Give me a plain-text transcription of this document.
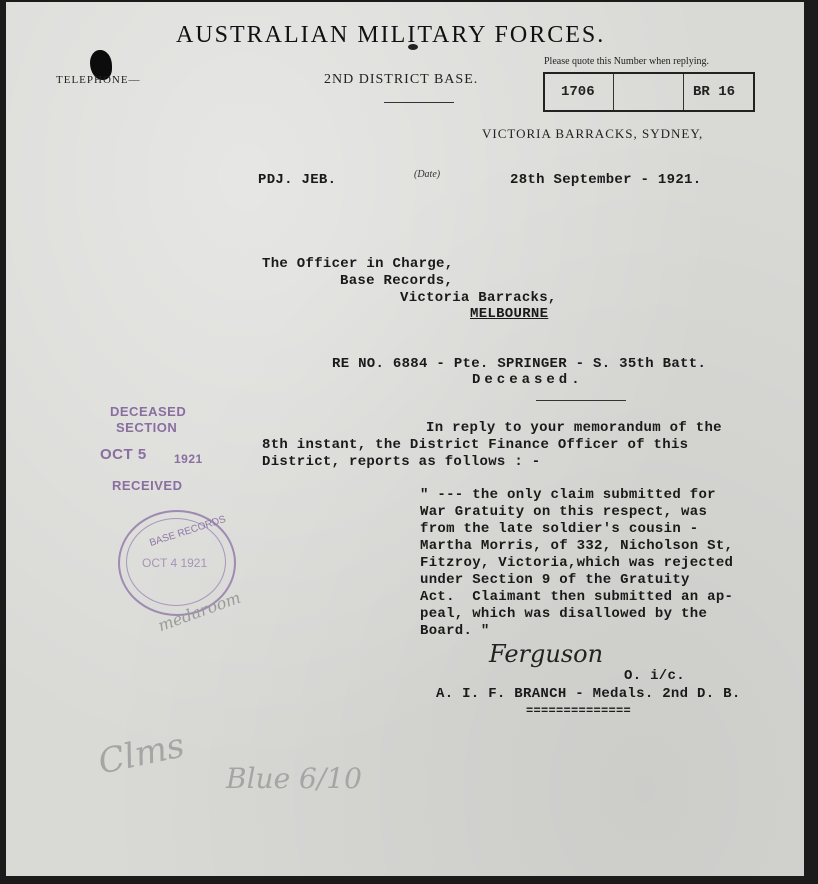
AUSTRALIAN MILITARY FORCES.
TELEPHONE—	2ND DISTRICT BASE.
Please quote this Number when replying.
1706	BR 16
VICTORIA BARRACKS, SYDNEY,
PDJ. JEB.	(Date)	28th September - 1921.
The Officer in Charge,
Base Records,
Victoria Barracks,
MELBOURNE
RE NO. 6884 - Pte. SPRINGER - S. 35th Batt.
Deceased.
In reply to your memorandum of the
8th instant, the District Finance Officer of this
District, reports as follows : -
" --- the only claim submitted for
War Gratuity on this respect, was
from the late soldier's cousin -
Martha Morris, of 332, Nicholson St,
Fitzroy, Victoria,which was rejected
under Section 9 of the Gratuity
Act.  Claimant then submitted an ap-
peal, which was disallowed by the
Board. "
Ferguson
O. i/c.
A. I. F. BRANCH - Medals. 2nd D. B.
==============
DECEASED
SECTION
OCT 5 1921
RECEIVED
BASE RECORDS
OCT 4 1921
medaroom
Clms Blue 6/10
